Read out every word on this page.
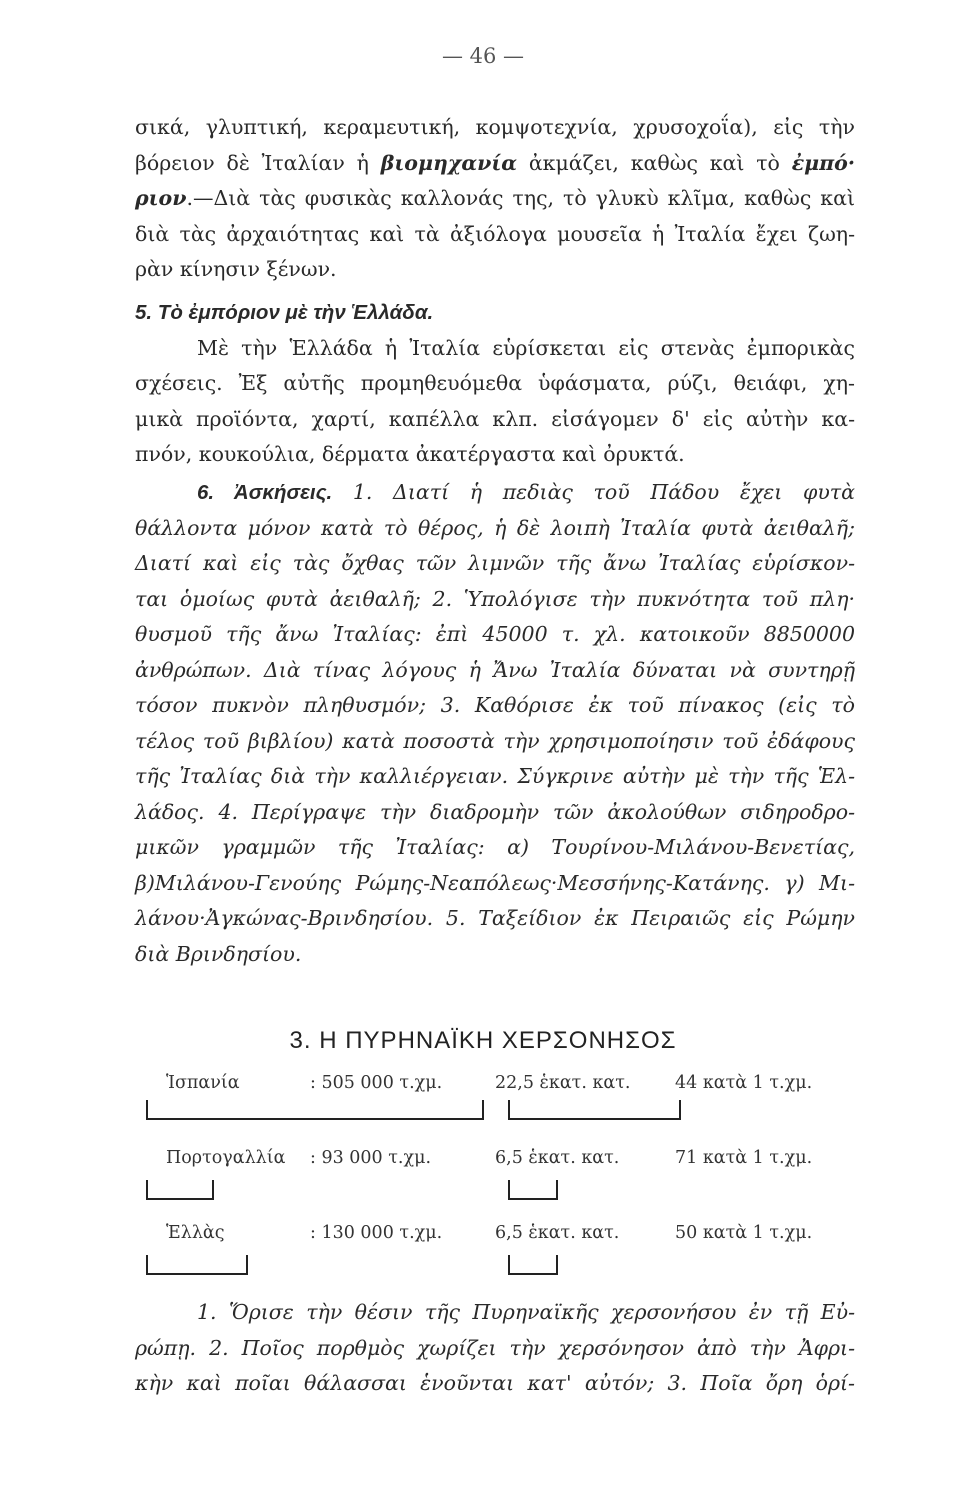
— 46 —
σικά, γλυπτική, κεραμευτική, κομψοτεχνία, χρυσοχοΐα), εἰς τὴν
βόρειον δὲ Ἰταλίαν ἡ βιομηχανία ἀκμάζει, καθὼς καὶ τὸ ἐμπό·
ριον.—Διὰ τὰς φυσικὰς καλλονάς της, τὸ γλυκὺ κλῖμα, καθὼς καὶ
διὰ τὰς ἀρχαιότητας καὶ τὰ ἀξιόλογα μουσεῖα ἡ Ἰταλία ἔχει ζωη-
ρὰν κίνησιν ξένων.
5. Τὸ ἐμπόριον μὲ τὴν Ἑλλάδα.
Μὲ τὴν Ἑλλάδα ἡ Ἰταλία εὑρίσκεται εἰς στενὰς ἐμπορικὰς
σχέσεις. Ἐξ αὐτῆς προμηθευόμεθα ὑφάσματα, ρύζι, θειάφι, χη-
μικὰ προϊόντα, χαρτί, καπέλλα κλπ. εἰσάγομεν δ' εἰς αὐτὴν κα-
πνόν, κουκούλια, δέρματα ἀκατέργαστα καὶ ὀρυκτά.
6. Ἀσκήσεις. 1. Διατί ἡ πεδιὰς τοῦ Πάδου ἔχει φυτὰ
θάλλοντα μόνον κατὰ τὸ θέρος, ἡ δὲ λοιπὴ Ἰταλία φυτὰ ἀειθαλῆ;
Διατί καὶ εἰς τὰς ὄχθας τῶν λιμνῶν τῆς ἄνω Ἰταλίας εὑρίσκον-
ται ὁμοίως φυτὰ ἀειθαλῆ; 2. Ὑπολόγισε τὴν πυκνότητα τοῦ πλη·
θυσμοῦ τῆς ἄνω Ἰταλίας: ἐπὶ 45000 τ. χλ. κατοικοῦν 8850000
ἀνθρώπων. Διὰ τίνας λόγους ἡ Ἄνω Ἰταλία δύναται νὰ συντηρῇ
τόσον πυκνὸν πληθυσμόν; 3. Καθόρισε ἐκ τοῦ πίνακος (εἰς τὸ
τέλος τοῦ βιβλίου) κατὰ ποσοστὰ τὴν χρησιμοποίησιν τοῦ ἐδάφους
τῆς Ἰταλίας διὰ τὴν καλλιέργειαν. Σύγκρινε αὐτὴν μὲ τὴν τῆς Ἑλ-
λάδος. 4. Περίγραψε τὴν διαδρομὴν τῶν ἀκολούθων σιδηροδρο-
μικῶν γραμμῶν τῆς Ἰταλίας: α) Τουρίνου-Μιλάνου-Βενετίας,
β)Μιλάνου-Γενούης Ρώμης-Νεαπόλεως·Μεσσήνης-Κατάνης. γ) Μι-
λάνου·Ἀγκώνας-Βρινδησίου. 5. Ταξείδιον ἐκ Πειραιῶς εἰς Ρώμην
διὰ Βρινδησίου.
3. Η ΠΥΡΗΝΑΪΚΗ ΧΕΡΣΟΝΗΣΟΣ
Ἱσπανία	: 505 000 τ.χμ.	22,5 ἑκατ. κατ.	44 κατὰ 1 τ.χμ.
Πορτογαλλία : 93 000 τ.χμ.	6,5 ἑκατ. κατ.	71 κατὰ 1 τ.χμ.
Ἑλλὰς	: 130 000 τ.χμ.	6,5 ἑκατ. κατ.	50 κατὰ 1 τ.χμ.
1. Ὅρισε τὴν θέσιν τῆς Πυρηναϊκῆς χερσονήσου ἐν τῇ Εὐ-
ρώπῃ. 2. Ποῖος πορθμὸς χωρίζει τὴν χερσόνησον ἀπὸ τὴν Ἀφρι-
κὴν καὶ ποῖαι θάλασσαι ἑνοῦνται κατ' αὐτόν; 3. Ποῖα ὄρη ὁρί-
